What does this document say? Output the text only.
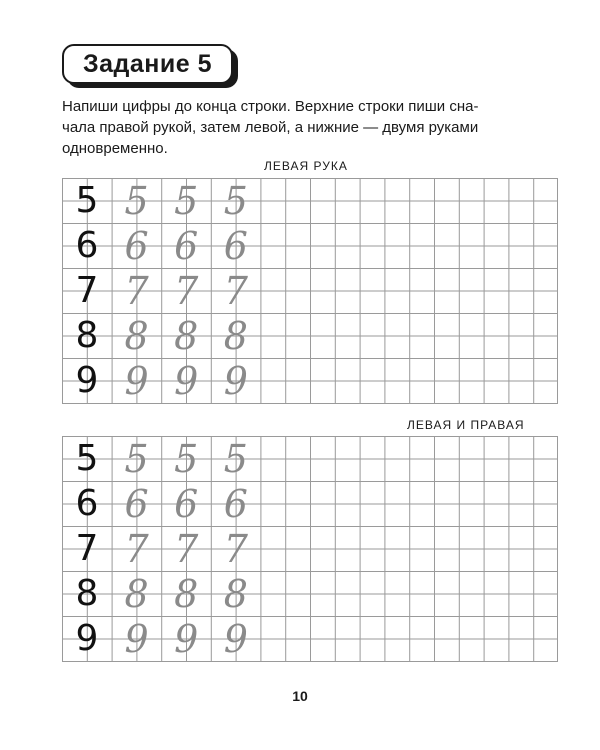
Задание 5

Напиши цифры до конца строки. Верхние строки пиши сна-
чала правой рукой, затем левой, а нижние — двумя руками
одновременно.

ЛЕВАЯ РУКА
5 5 5 5
6 6 6 6
7 7 7 7
8 8 8 8
9 9 9 9
ЛЕВАЯ И ПРАВАЯ
5 5 5 5
6 6 6 6
7 7 7 7
8 8 8 8
9 9 9 9
10
